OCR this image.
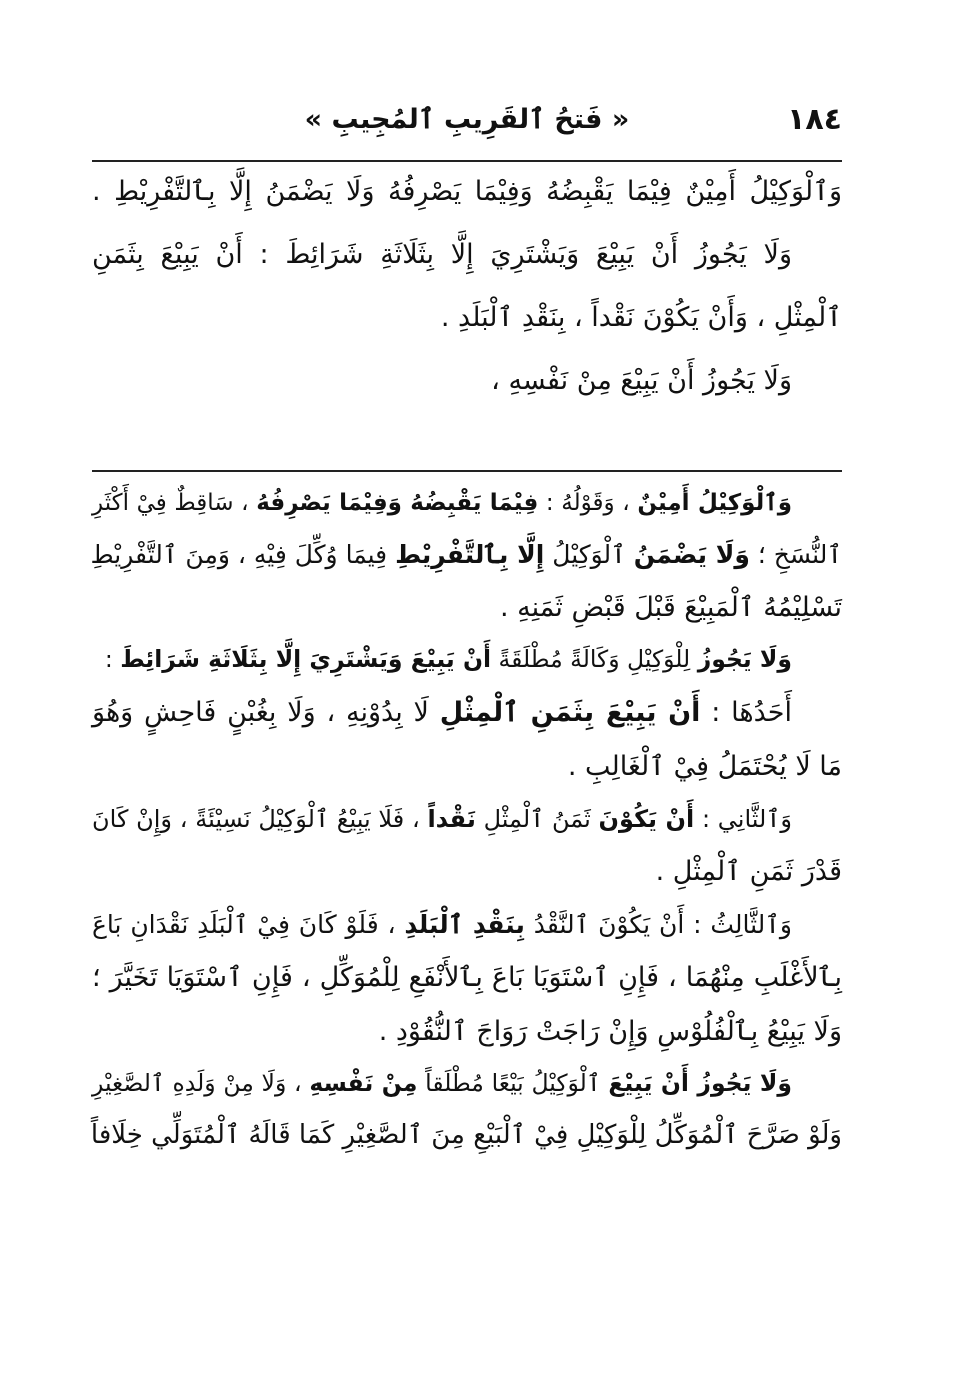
١٨٤
« فَتحُ ٱلقَرِيبِ ٱلمُجِيبِ »
وَٱلْوَكِيْلُ أَمِيْنٌ فِيْمَا يَقْبِضُهُ وَفِيْمَا يَصْرِفُهُ وَلَا يَضْمَنُ إِلَّا بِٱلتَّفْرِيْطِ .
وَلَا يَجُوزُ أَنْ يَبِيْعَ وَيَشْتَرِيَ إِلَّا بِثَلَاثَةِ شَرَائِطَ : أَنْ يَبِيْعَ بِثَمَنِ
ٱلْمِثْلِ ، وَأَنْ يَكُوْنَ نَقْداً ، بِنَقْدِ ٱلْبَلَدِ .
وَلَا يَجُوزُ أَنْ يَبِيْعَ مِنْ نَفْسِهِ ،
وَٱلْوَكِيْلُ أَمِيْنٌ ، وَقَوْلُهُ : فِيْمَا يَقْبِضُهُ وَفِيْمَا يَصْرِفُهُ ، سَاقِطٌ فِيْ أَكْثَرِ
ٱلنُّسَخِ ؛ وَلَا يَضْمَنُ ٱلْوَكِيْلُ إِلَّا بِٱلتَّفْرِيْطِ فِيمَا وُكِّلَ فِيْهِ ، وَمِنَ ٱلتَّفْرِيْطِ
تَسْلِيْمُهُ ٱلْمَبِيْعَ قَبْلَ قَبْضِ ثَمَنِهِ .
وَلَا يَجُوزُ لِلْوَكِيْلِ وَكَالَةً مُطْلَقَةً أَنْ يَبِيْعَ وَيَشْتَرِيَ إِلَّا بِثَلَاثَةِ شَرَائِطَ :
أَحَدُهَا : أَنْ يَبِيْعَ بِثَمَنِ ٱلْمِثْلِ لَا بِدُوْنِهِ ، وَلَا بِغُبْنٍ فَاحِشٍ وَهُوَ
مَا لَا يُحْتَمَلُ فِيْ ٱلْغَالِبِ .
وَٱلثَّانِي : أَنْ يَكُوْنَ ثَمَنُ ٱلْمِثْلِ نَقْداً ، فَلَا يَبِيْعُ ٱلْوَكِيْلُ نَسِيْئَةً ، وَإِنْ كَانَ
قَدْرَ ثَمَنِ ٱلْمِثْلِ .
وَٱلثَّالِثُ : أَنْ يَكُوْنَ ٱلنَّقْدُ بِنَقْدِ ٱلْبَلَدِ ، فَلَوْ كَانَ فِيْ ٱلْبَلَدِ نَقْدَانِ بَاعَ
بِٱلأَغْلَبِ مِنْهُمَا ، فَإِنِ ٱسْتَوَيَا بَاعَ بِٱلأَنْفَعِ لِلْمُوَكِّلِ ، فَإِنِ ٱسْتَوَيَا تَخَيَّرَ ؛
وَلَا يَبِيْعُ بِٱلْفُلُوْسِ وَإِنْ رَاجَتْ رَوَاجَ ٱلنُّقُوْدِ .
وَلَا يَجُوزُ أَنْ يَبِيْعَ ٱلْوَكِيْلُ بَيْعًا مُطْلَقاً مِنْ نَفْسِهِ ، وَلَا مِنْ وَلَدِهِ ٱلصَّغِيْرِ
وَلَوْ صَرَّحَ ٱلْمُوَكِّلُ لِلْوَكِيْلِ فِيْ ٱلْبَيْعِ مِنَ ٱلصَّغِيْرِ كَمَا قَالَهُ ٱلْمُتَوَلِّي خِلَافاً
